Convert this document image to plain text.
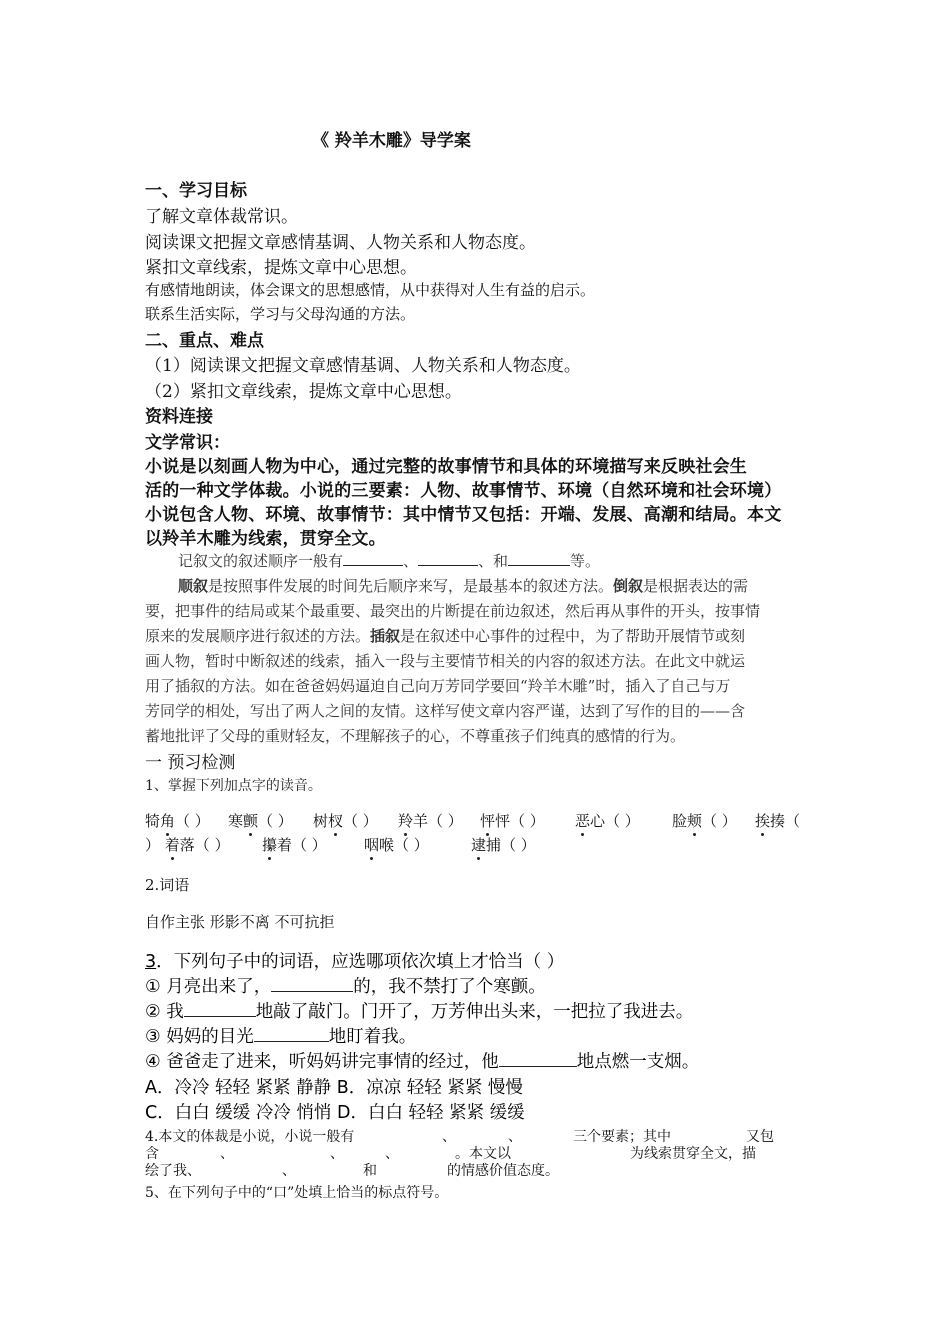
《 羚羊木雕》导学案
一、学习目标
了解文章体裁常识。
阅读课文把握文章感情基调、人物关系和人物态度。
紧扣文章线索，提炼文章中心思想。
有感情地朗读，体会课文的思想感情，从中获得对人生有益的启示。
联系生活实际，学习与父母沟通的方法。
二、重点、难点
（1）阅读课文把握文章感情基调、人物关系和人物态度。
（2）紧扣文章线索，提炼文章中心思想。
资料连接
文学常识：
小说是以刻画人物为中心，通过完整的故事情节和具体的环境描写来反映社会生
活的一种文学体裁。小说的三要素：人物、故事情节、环境（自然环境和社会环境）
小说包含人物、环境、故事情节：其中情节又包括：开端、发展、高潮和结局。本文
以羚羊木雕为线索，贯穿全文。
记叙文的叙述顺序一般有	、	、和	等。
顺叙是按照事件发展的时间先后顺序来写，是最基本的叙述方法。倒叙是根据表达的需
要，把事件的结局或某个最重要、最突出的片断提在前边叙述，然后再从事件的开头，按事情
原来的发展顺序进行叙述的方法。插叙是在叙述中心事件的过程中，为了帮助开展情节或刻
画人物，暂时中断叙述的线索，插入一段与主要情节相关的内容的叙述方法。在此文中就运
用了插叙的方法。如在爸爸妈妈逼迫自己向万芳同学要回“羚羊木雕”时，插入了自己与万
芳同学的相处，写出了两人之间的友情。这样写使文章内容严谨，达到了写作的目的——含
蓄地批评了父母的重财轻友，不理解孩子的心，不尊重孩子们纯真的感情的行为。
一 预习检测
1、掌握下列加点字的读音。
犄角（ ） 寒颤（ ） 树杈（ ） 羚羊（ ） 怦怦（ ） 恶心（ ） 脸颊（ ） 挨揍（
） 着落（ ） 攥着（ ） 咽喉（ ）	逮捕（ ）
2.词语
自作主张 形影不离 不可抗拒
3．下列句子中的词语，应选哪项依次填上才恰当（ ）
① 月亮出来了，	的，我不禁打了个寒颤。
② 我	地敲了敲门。门开了，万芳伸出头来，一把拉了我进去。
③ 妈妈的目光	地盯着我。
④ 爸爸走了进来，听妈妈讲完事情的经过，他	地点燃一支烟。
A．冷冷 轻轻 紧紧 静静 B．凉凉 轻轻 紧紧 慢慢
C．白白 缓缓 冷冷 悄悄 D．白白 轻轻 紧紧 缓缓
4.本文的体裁是小说，小说一般有	、	、	三个要素；其中	又包
含	、	、	、	。本文以	为线索贯穿全文，描
绘了我、	、	和	的情感价值态度。
5、在下列句子中的“口”处填上恰当的标点符号。
